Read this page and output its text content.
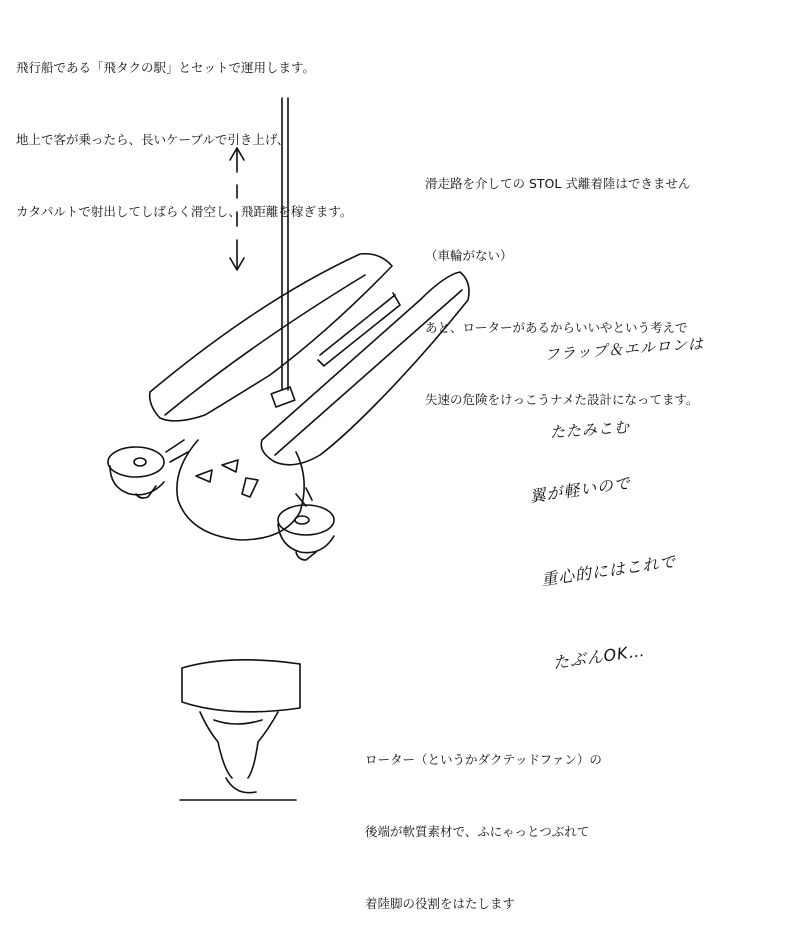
飛行船である「飛タクの駅」とセットで運用します。

地上で客が乗ったら、長いケーブルで引き上げ、

カタパルトで射出してしばらく滑空し、飛距離を稼ぎます。

滑走路を介しての STOL 式離着陸はできません

（車輪がない）

あと、ローターがあるからいいやという考えで

失速の危険をけっこうナメた設計になってます。

フラップ＆エルロンは

たたみこむ

翼が軽いので

重心的にはこれで

たぶんOK…

ローター（というかダクテッドファン）の

後端が軟質素材で、ふにゃっとつぶれて

着陸脚の役割をはたします
